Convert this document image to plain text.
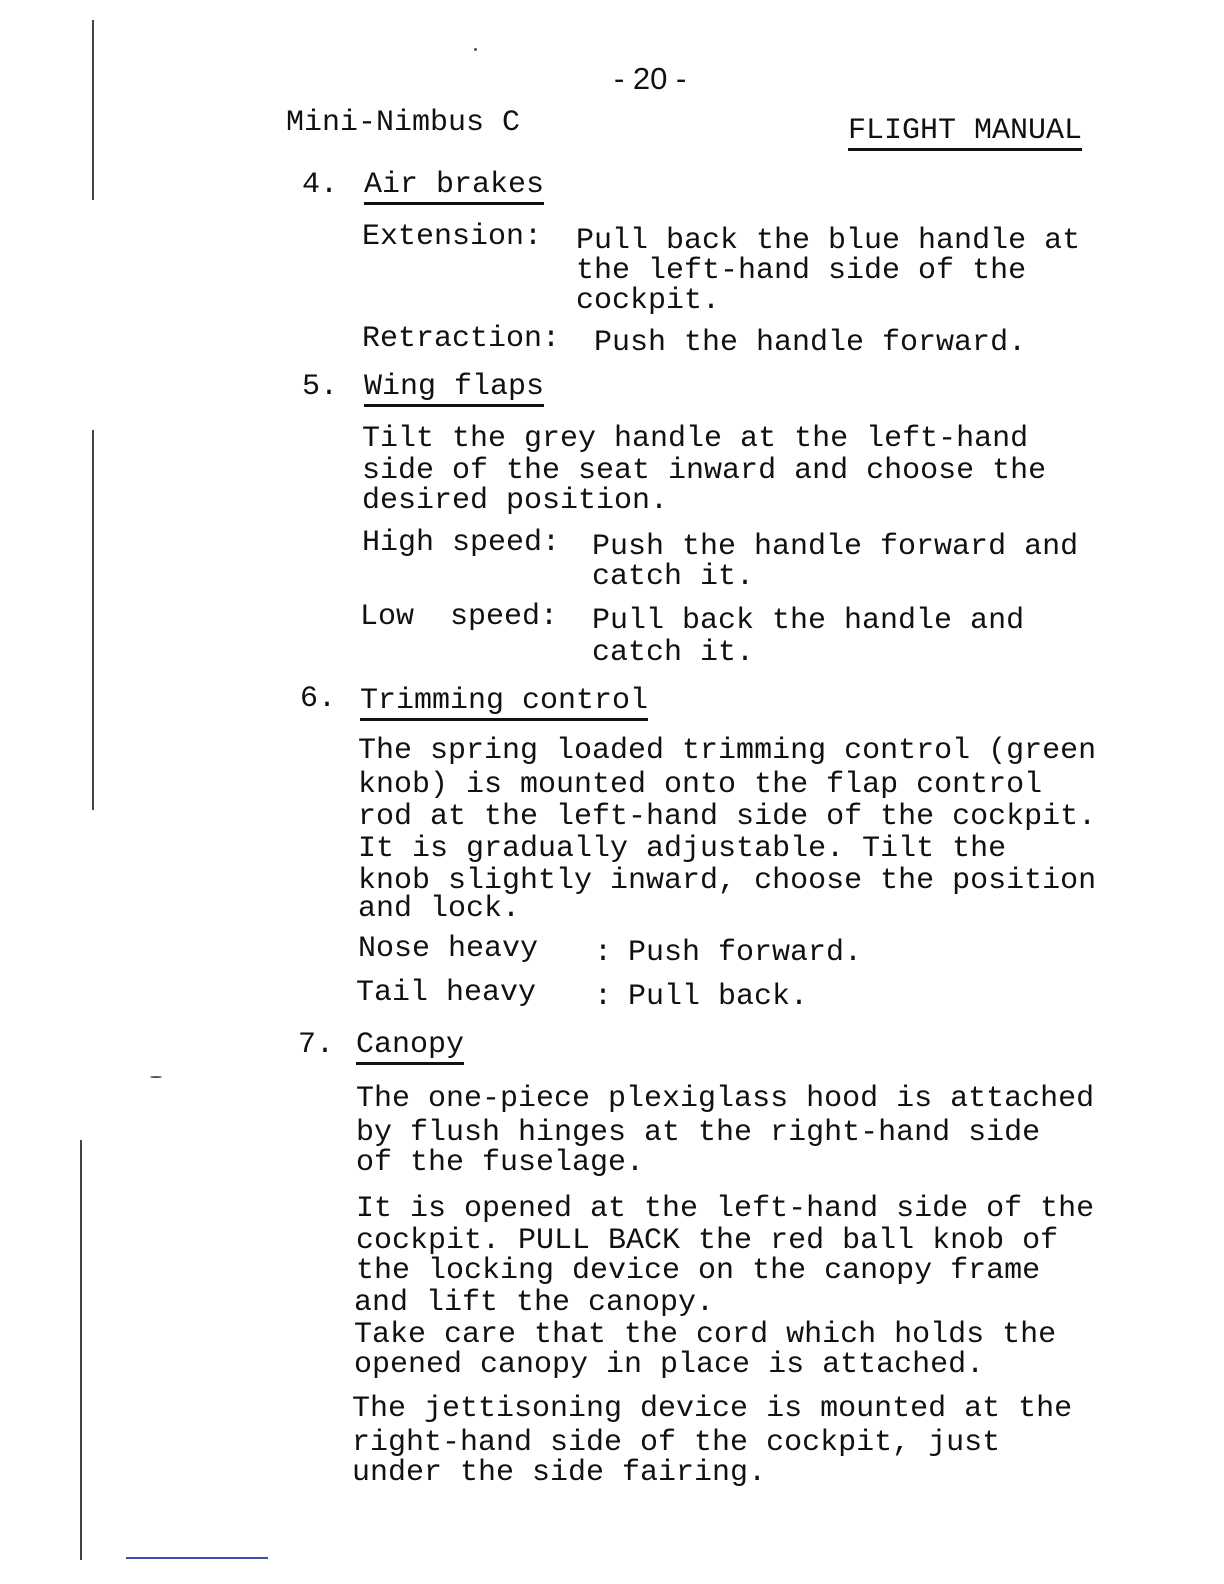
- 20 -
Mini-Nimbus C	FLIGHT MANUAL
4. Air brakes
Extension: Pull back the blue handle at
the left-hand side of the
cockpit.
Retraction: Push the handle forward.
5. Wing flaps
Tilt the grey handle at the left-hand
side of the seat inward and choose the
desired position.
High speed: Push the handle forward and
catch it.
Low  speed: Pull back the handle and
catch it.
6. Trimming control
The spring loaded trimming control (green
knob) is mounted onto the flap control
rod at the left-hand side of the cockpit.
It is gradually adjustable. Tilt the
knob slightly inward, choose the position
and lock.
Nose heavy : Push forward.
Tail heavy : Pull back.
7. Canopy
The one-piece plexiglass hood is attached
by flush hinges at the right-hand side
of the fuselage.
It is opened at the left-hand side of the
cockpit. PULL BACK the red ball knob of
the locking device on the canopy frame
and lift the canopy.
Take care that the cord which holds the
opened canopy in place is attached.
The jettisoning device is mounted at the
right-hand side of the cockpit, just
under the side fairing.
